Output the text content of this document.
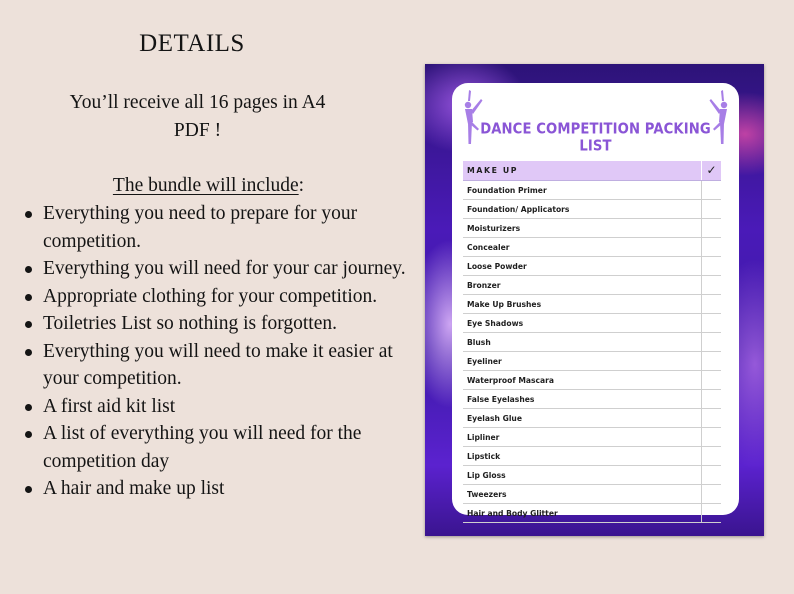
DETAILS
You’ll receive all 16 pages in A4
PDF !
The bundle will include:
Everything you need to prepare for your competition.
Everything you will need for your car journey.
Appropriate clothing for your competition.
Toiletries List so nothing is forgotten.
Everything you will need to make it easier at your competition.
A first aid kit list
A list of everything you will need for the competition day
A hair and make up list
DANCE COMPETITION PACKING LIST
MAKE UP	✓
Foundation Primer
Foundation/ Applicators
Moisturizers
Concealer
Loose Powder
Bronzer
Make Up Brushes
Eye Shadows
Blush
Eyeliner
Waterproof Mascara
False Eyelashes
Eyelash Glue
Lipliner
Lipstick
Lip Gloss
Tweezers
Hair and Body Glitter
